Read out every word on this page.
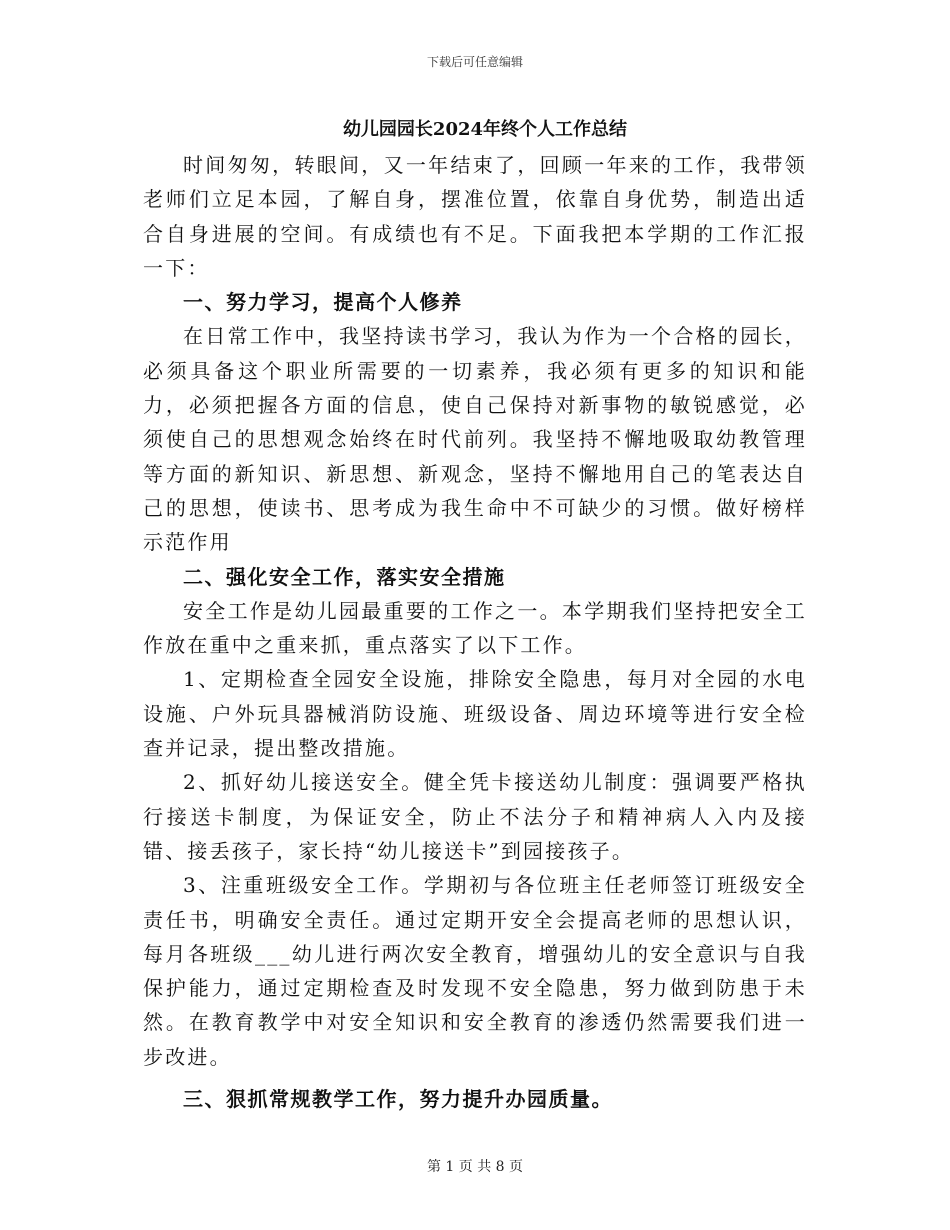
下载后可任意编辑
幼儿园园长2024年终个人工作总结

时间匆匆，转眼间，又一年结束了，回顾一年来的工作，我带领老师们立足本园，了解自身，摆准位置，依靠自身优势，制造出适合自身进展的空间。有成绩也有不足。下面我把本学期的工作汇报一下：

一、努力学习，提高个人修养

在日常工作中，我坚持读书学习，我认为作为一个合格的园长，必须具备这个职业所需要的一切素养，我必须有更多的知识和能力，必须把握各方面的信息，使自己保持对新事物的敏锐感觉，必须使自己的思想观念始终在时代前列。我坚持不懈地吸取幼教管理等方面的新知识、新思想、新观念，坚持不懈地用自己的笔表达自己的思想，使读书、思考成为我生命中不可缺少的习惯。做好榜样示范作用

二、强化安全工作，落实安全措施

安全工作是幼儿园最重要的工作之一。本学期我们坚持把安全工作放在重中之重来抓，重点落实了以下工作。

1、定期检查全园安全设施，排除安全隐患，每月对全园的水电设施、户外玩具器械消防设施、班级设备、周边环境等进行安全检查并记录，提出整改措施。

2、抓好幼儿接送安全。健全凭卡接送幼儿制度：强调要严格执行接送卡制度，为保证安全，防止不法分子和精神病人入内及接错、接丢孩子，家长持“幼儿接送卡”到园接孩子。

3、注重班级安全工作。学期初与各位班主任老师签订班级安全责任书，明确安全责任。通过定期开安全会提高老师的思想认识，每月各班级___幼儿进行两次安全教育，增强幼儿的安全意识与自我保护能力，通过定期检查及时发现不安全隐患，努力做到防患于未然。在教育教学中对安全知识和安全教育的渗透仍然需要我们进一步改进。

三、狠抓常规教学工作，努力提升办园质量。

第 1 页 共 8 页
